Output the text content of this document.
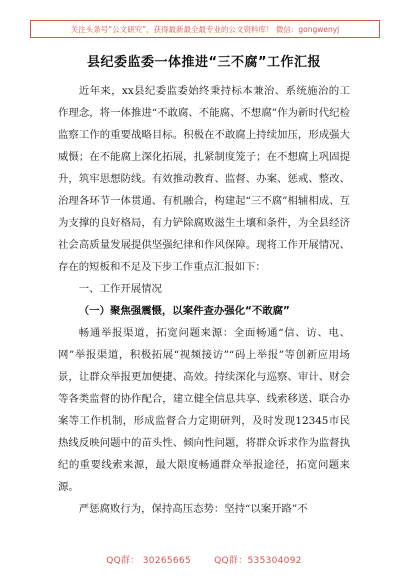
关注头条号“公文研究”，获得最新最全最专业的公文资料库！ 微信：gongwenyj
县纪委监委一体推进“三不腐”工作汇报

近年来，xx县纪委监委始终秉持标本兼治、系统施治的工作理念，将一体推进“不敢腐、不能腐、不想腐”作为新时代纪检监察工作的重要战略目标。积极在不敢腐上持续加压，形成强大威慑；在不能腐上深化拓展，扎紧制度笼子；在不想腐上巩固提升，筑牢思想防线。有效推动教育、监督、办案、惩戒、整改、治理各环节一体贯通、有机融合，构建起“三不腐”相辅相成、互为支撑的良好格局，有力铲除腐败滋生土壤和条件，为全县经济社会高质量发展提供坚强纪律和作风保障。现将工作开展情况、存在的短板和不足及下步工作重点汇报如下：

一、工作开展情况

（一）聚焦强震慑，以案件查办强化“不敢腐”

畅通举报渠道，拓宽问题来源：全面畅通“信、访、电、网”举报渠道，积极拓展“视频接访”“码上举报”等创新应用场景，让群众举报更加便捷、高效。持续深化与巡察、审计、财会等各类监督的协作配合，建立健全信息共享、线索移送、联合办案等工作机制，形成监督合力定期研判，及时发现12345市民热线反映问题中的苗头性、倾向性问题，将群众诉求作为监督执纪的重要线索来源，最大限度畅通群众举报途径，拓宽问题来源。

严惩腐败行为，保持高压态势：坚持“以案开路”不

QQ群： 30265665	QQ群：535304092
